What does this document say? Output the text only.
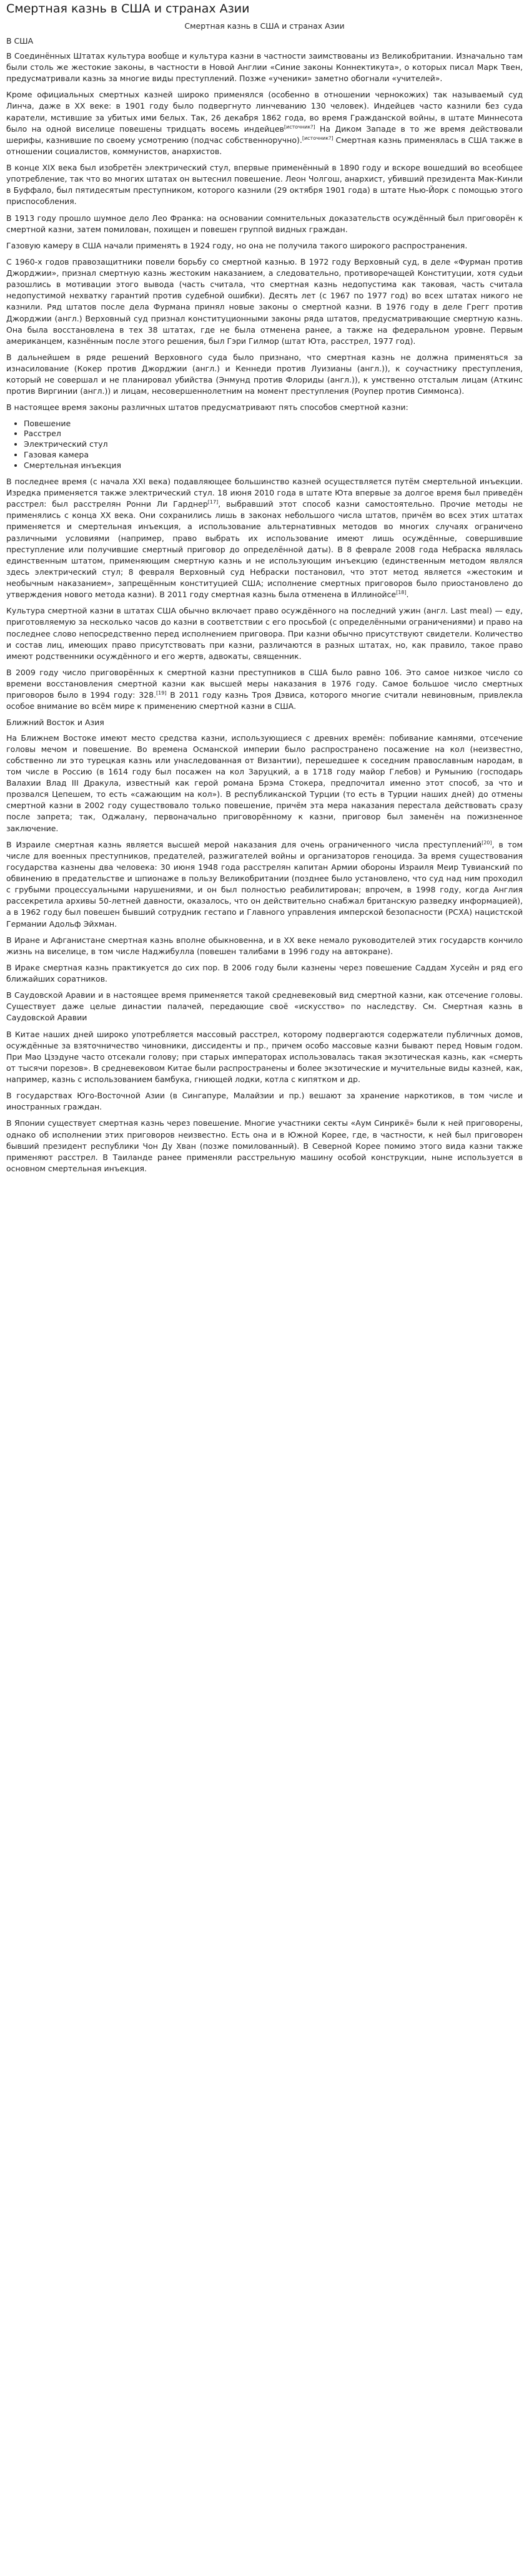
Смертная казнь в США и странах Азии
Смертная казнь в США и странах Азии
В США

В Соединённых Штатах культура вообще и культура казни в частности заимствованы из Великобритании. Изначально там были столь же жестокие законы, в частности в Новой Англии «Синие законы Коннектикута», о которых писал Марк Твен, предусматривали казнь за многие виды преступлений. Позже «ученики» заметно обогнали «учителей».

Кроме официальных смертных казней широко применялся (особенно в отношении чернокожих) так называемый суд Линча, даже в ХХ веке: в 1901 году было подвергнуто линчеванию 130 человек). Индейцев часто казнили без суда каратели, мстившие за убитых ими белых. Так, 26 декабря 1862 года, во время Гражданской войны, в штате Миннесота было на одной виселице повешены тридцать восемь индейцев[источник?] На Диком Западе в то же время действовали шерифы, казнившие по своему усмотрению (подчас собственноручно).[источник?] Смертная казнь применялась в США также в отношении социалистов, коммунистов, анархистов.

В конце XIX века был изобретён электрический стул, впервые применённый в 1890 году и вскоре вошедший во всеобщее употребление, так что во многих штатах он вытеснил повешение. Леон Чолгош, анархист, убивший президента Мак-Кинли в Буффало, был пятидесятым преступником, которого казнили (29 октября 1901 года) в штате Нью-Йорк с помощью этого приспособления.

В 1913 году прошло шумное дело Лео Франка: на основании сомнительных доказательств осуждённый был приговорён к смертной казни, затем помилован, похищен и повешен группой видных граждан.

Газовую камеру в США начали применять в 1924 году, но она не получила такого широкого распространения.

С 1960-х годов правозащитники повели борьбу со смертной казнью. В 1972 году Верховный суд, в деле «Фурман против Джорджии», признал смертную казнь жестоким наказанием, а следовательно, противоречащей Конституции, хотя судьи разошлись в мотивации этого вывода (часть считала, что смертная казнь недопустима как таковая, часть считала недопустимой нехватку гарантий против судебной ошибки). Десять лет (с 1967 по 1977 год) во всех штатах никого не казнили. Ряд штатов после дела Фурмана принял новые законы о смертной казни. В 1976 году в деле Грегг против Джорджии (англ.) Верховный суд признал конституционными законы ряда штатов, предусматривающие смертную казнь. Она была восстановлена в тех 38 штатах, где не была отменена ранее, а также на федеральном уровне. Первым американцем, казнённым после этого решения, был Гэри Гилмор (штат Юта, расстрел, 1977 год).

В дальнейшем в ряде решений Верховного суда было признано, что смертная казнь не должна применяться за изнасилование (Кокер против Джорджии (англ.) и Кеннеди против Луизианы (англ.)), к соучастнику преступления, который не совершал и не планировал убийства (Энмунд против Флориды (англ.)), к умственно отсталым лицам (Аткинс против Виргинии (англ.)) и лицам, несовершеннолетним на момент преступления (Роупер против Симмонса).

В настоящее время законы различных штатов предусматривают пять способов смертной казни:

• Повешение
• Расстрел
• Электрический стул
• Газовая камера
• Смертельная инъекция

В последнее время (с начала XXI века) подавляющее большинство казней осуществляется путём смертельной инъекции. Изредка применяется также электрический стул. 18 июня 2010 года в штате Юта впервые за долгое время был приведён расстрел: был расстрелян Ронни Ли Гарднер[17], выбравший этот способ казни самостоятельно. Прочие методы не применялись с конца XX века. Они сохранились лишь в законах небольшого числа штатов, причём во всех этих штатах применяется и смертельная инъекция, а использование альтернативных методов во многих случаях ограничено различными условиями (например, право выбрать их использование имеют лишь осуждённые, совершившие преступление или получившие смертный приговор до определённой даты). В 8 феврале 2008 года Небраска являлась единственным штатом, применяющим смертную казнь и не использующим инъекцию (единственным методом являлся здесь электрический стул; 8 февраля Верховный суд Небраски постановил, что этот метод является «жестоким и необычным наказанием», запрещённым конституцией США; исполнение смертных приговоров было приостановлено до утверждения нового метода казни). В 2011 году смертная казнь была отменена в Иллинойсе[18].

Культура смертной казни в штатах США обычно включает право осуждённого на последний ужин (англ. Last meal) — еду, приготовляемую за несколько часов до казни в соответствии с его просьбой (с определёнными ограничениями) и право на последнее слово непосредственно перед исполнением приговора. При казни обычно присутствуют свидетели. Количество и состав лиц, имеющих право присутствовать при казни, различаются в разных штатах, но, как правило, такое право имеют родственники осуждённого и его жертв, адвокаты, священник.

В 2009 году число приговорённых к смертной казни преступников в США было равно 106. Это самое низкое число со времени восстановления смертной казни как высшей меры наказания в 1976 году. Самое большое число смертных приговоров было в 1994 году: 328.[19] В 2011 году казнь Троя Дэвиса, которого многие считали невиновным, привлекла особое внимание во всём мире к применению смертной казни в США.

Ближний Восток и Азия

На Ближнем Востоке имеют место средства казни, использующиеся с древних времён: побивание камнями, отсечение головы мечом и повешение. Во времена Османской империи было распространено посажение на кол (неизвестно, собственно ли это турецкая казнь или унаследованная от Византии), перешедшее к соседним православным народам, в том числе в Россию (в 1614 году был посажен на кол Заруцкий, а в 1718 году майор Глебов) и Румынию (господарь Валахии Влад III Дракула, известный как герой романа Брэма Стокера, предпочитал именно этот способ, за что и прозвался Цепешем, то есть «сажающим на кол»). В республиканской Турции (то есть в Турции наших дней) до отмены смертной казни в 2002 году существовало только повешение, причём эта мера наказания перестала действовать сразу после запрета; так, Оджалану, первоначально приговорённому к казни, приговор был заменён на пожизненное заключение.

В Израиле смертная казнь является высшей мерой наказания для очень ограниченного числа преступлений[20], в том числе для военных преступников, предателей, разжигателей войны и организаторов геноцида. За время существования государства казнены два человека: 30 июня 1948 года расстрелян капитан Армии обороны Израиля Меир Тувианский по обвинению в предательстве и шпионаже в пользу Великобритании (позднее было установлено, что суд над ним проходил с грубыми процессуальными нарушениями, и он был полностью реабилитирован; впрочем, в 1998 году, когда Англия рассекретила архивы 50-летней давности, оказалось, что он действительно снабжал британскую разведку информацией), а в 1962 году был повешен бывший сотрудник гестапо и Главного управления имперской безопасности (РСХА) нацистской Германии Адольф Эйхман.

В Иране и Афганистане смертная казнь вполне обыкновенна, и в ХХ веке немало руководителей этих государств кончило жизнь на виселице, в том числе Наджибулла (повешен талибами в 1996 году на автокране).

В Ираке смертная казнь практикуется до сих пор. В 2006 году были казнены через повешение Саддам Хусейн и ряд его ближайших соратников.

В Саудовской Аравии и в настоящее время применяется такой средневековый вид смертной казни, как отсечение головы. Существует даже целые династии палачей, передающие своё «искусство» по наследству. См. Смертная казнь в Саудовской Аравии

В Китае наших дней широко употребляется массовый расстрел, которому подвергаются содержатели публичных домов, осуждённые за взяточничество чиновники, диссиденты и пр., причем особо массовые казни бывают перед Новым годом. При Мао Цзэдуне часто отсекали голову; при старых императорах использовалась такая экзотическая казнь, как «смерть от тысячи порезов». В средневековом Китае были распространены и более экзотические и мучительные виды казней, как, например, казнь с использованием бамбука, гниющей лодки, котла с кипятком и др.

В государствах Юго-Восточной Азии (в Сингапуре, Малайзии и пр.) вешают за хранение наркотиков, в том числе и иностранных граждан.

В Японии существует смертная казнь через повешение. Многие участники секты «Аум Синрикё» были к ней приговорены, однако об исполнении этих приговоров неизвестно. Есть она и в Южной Корее, где, в частности, к ней был приговорен бывший президент республики Чон Ду Хван (позже помилованный). В Северной Корее помимо этого вида казни также применяют расстрел. В Таиланде ранее применяли расстрельную машину особой конструкции, ныне используется в основном смертельная инъекция.
